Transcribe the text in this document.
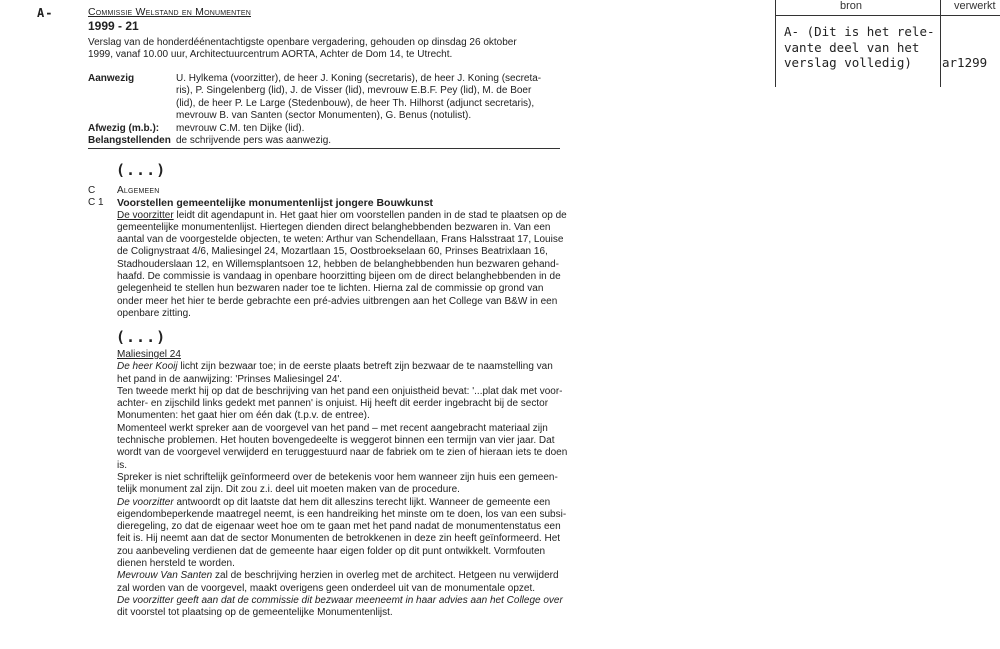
A-	Commissie Welstand en Monumenten
1999 - 21
Verslag van de honderdéénentachtigste openbare vergadering, gehouden op dinsdag 26 oktober
1999, vanaf 10.00 uur, Architectuurcentrum AORTA, Achter de Dom 14, te Utrecht.
Aanwezig	U. Hylkema (voorzitter), de heer J. Koning (secretaris), de heer J. Koning (secreta-
ris), P. Singelenberg (lid), J. de Visser (lid), mevrouw E.B.F. Pey (lid), M. de Boer
(lid), de heer P. Le Large (Stedenbouw), de heer Th. Hilhorst (adjunct secretaris),
mevrouw B. van Santen (sector Monumenten), G. Benus (notulist).
Afwezig (m.b.):	mevrouw C.M. ten Dijke (lid).
Belangstellenden de schrijvende pers was aanwezig.
(...)
C	Algemeen
C 1	Voorstellen gemeentelijke monumentenlijst jongere Bouwkunst
De voorzitter leidt dit agendapunt in. Het gaat hier om voorstellen panden in de stad te plaatsen op de
gemeentelijke monumentenlijst. Hiertegen dienden direct belanghebbenden bezwaren in. Van een
aantal van de voorgestelde objecten, te weten: Arthur van Schendellaan, Frans Halsstraat 17, Louise
de Colignystraat 4/6, Maliesingel 24, Mozartlaan 15, Oostbroekselaan 60, Prinses Beatrixlaan 16,
Stadhouderslaan 12, en Willemsplantsoen 12, hebben de belanghebbenden hun bezwaren gehand-
haafd. De commissie is vandaag in openbare hoorzitting bijeen om de direct belanghebbenden in de
gelegenheid te stellen hun bezwaren nader toe te lichten. Hierna zal de commissie op grond van
onder meer het hier te berde gebrachte een pré-advies uitbrengen aan het College van B&W in een
openbare zitting.
(...)
Maliesingel 24
De heer Kooij licht zijn bezwaar toe; in de eerste plaats betreft zijn bezwaar de te naamstelling van
het pand in de aanwijzing: 'Prinses Maliesingel 24'.
Ten tweede merkt hij op dat de beschrijving van het pand een onjuistheid bevat: '...plat dak met voor-
achter- en zijschild links gedekt met pannen' is onjuist. Hij heeft dit eerder ingebracht bij de sector
Monumenten: het gaat hier om één dak (t.p.v. de entree).
Momenteel werkt spreker aan de voorgevel van het pand – met recent aangebracht materiaal zijn
technische problemen. Het houten bovengedeelte is weggerot binnen een termijn van vier jaar. Dat
wordt van de voorgevel verwijderd en teruggestuurd naar de fabriek om te zien of hieraan iets te doen
is.
Spreker is niet schriftelijk geïnformeerd over de betekenis voor hem wanneer zijn huis een gemeen-
telijk monument zal zijn. Dit zou z.i. deel uit moeten maken van de procedure.
De voorzitter antwoordt op dit laatste dat hem dit alleszins terecht lijkt. Wanneer de gemeente een
eigendombeperkende maatregel neemt, is een handreiking het minste om te doen, los van een subsi-
dieregeling, zo dat de eigenaar weet hoe om te gaan met het pand nadat de monumentenstatus een
feit is. Hij neemt aan dat de sector Monumenten de betrokkenen in deze zin heeft geïnformeerd. Het
zou aanbeveling verdienen dat de gemeente haar eigen folder op dit punt ontwikkelt. Vormfouten
dienen hersteld te worden.
Mevrouw Van Santen zal de beschrijving herzien in overleg met de architect. Hetgeen nu verwijderd
zal worden van de voorgevel, maakt overigens geen onderdeel uit van de monumentale opzet.
De voorzitter geeft aan dat de commissie dit bezwaar meeneemt in haar advies aan het College over
dit voorstel tot plaatsing op de gemeentelijke Monumentenlijst.
bron	verwerkt
A- (Dit is het rele-
vante deel van het
verslag volledig)	ar1299
